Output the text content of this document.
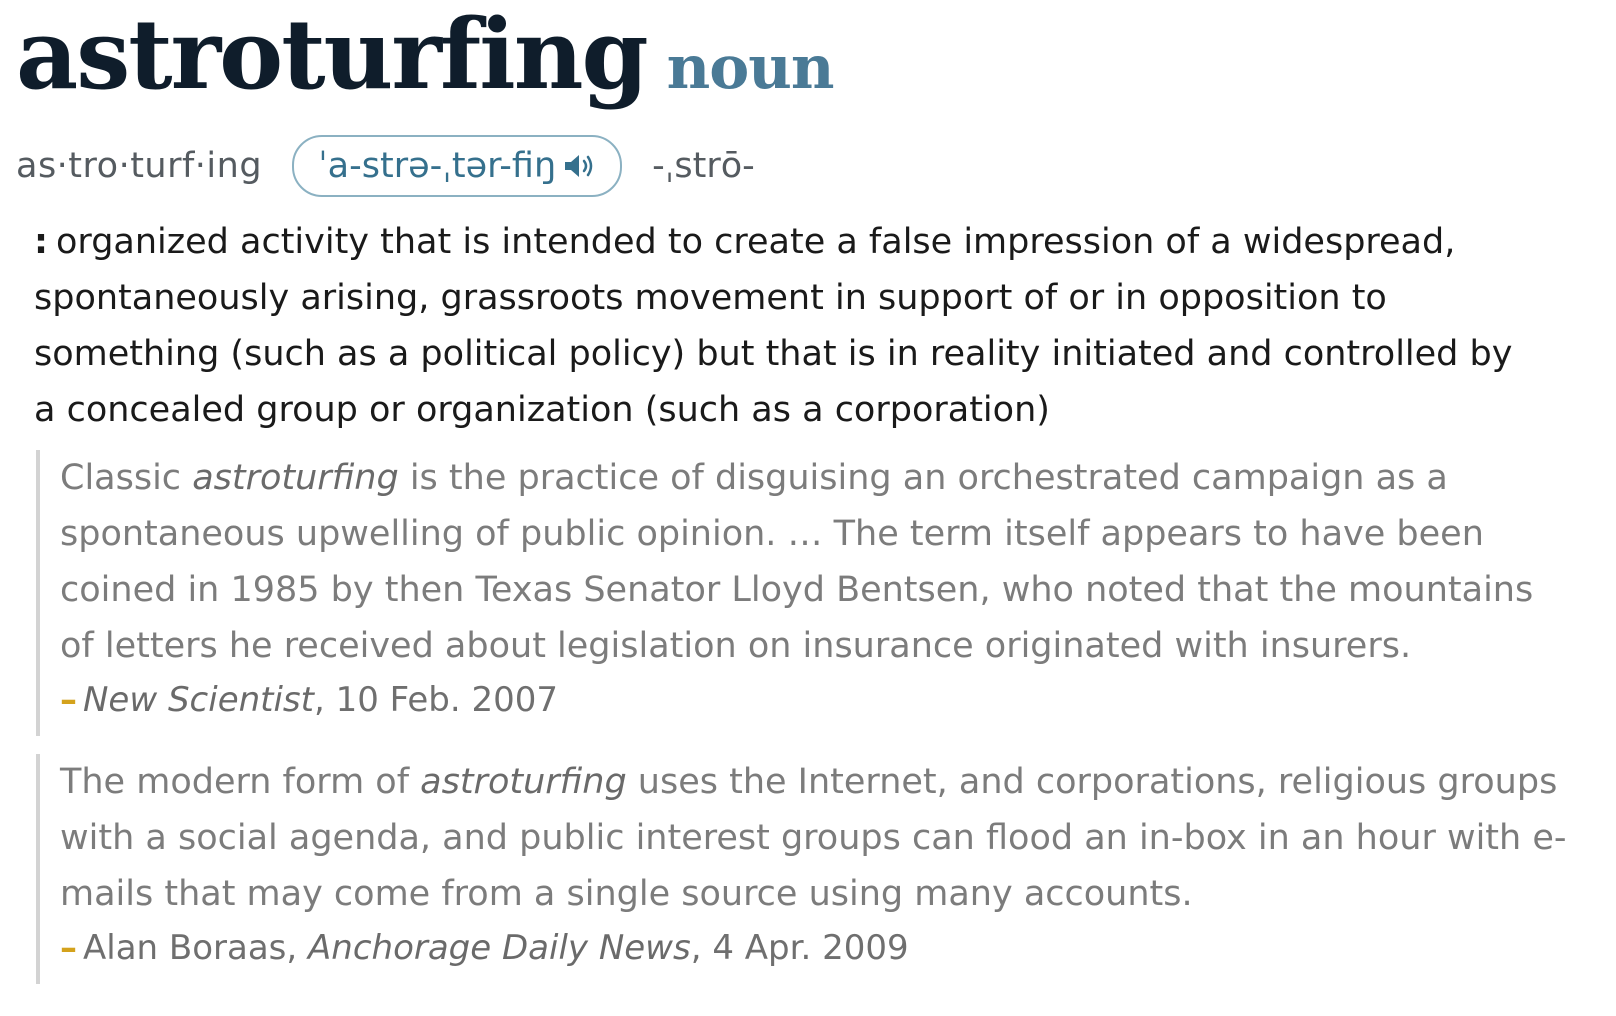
astroturfing noun
as·tro·turf·ing ˈa-strə-ˌtər-fiŋ	-ˌstrō-
: organized activity that is intended to create a false impression of a widespread, spontaneously arising, grassroots movement in support of or in opposition to something (such as a political policy) but that is in reality initiated and controlled by a concealed group or organization (such as a corporation)
Classic astroturfing is the practice of disguising an orchestrated campaign as a spontaneous upwelling of public opinion. … The term itself appears to have been coined in 1985 by then Texas Senator Lloyd Bentsen, who noted that the mountains of letters he received about legislation on insurance originated with insurers.
– New Scientist, 10 Feb. 2007
The modern form of astroturfing uses the Internet, and corporations, religious groups with a social agenda, and public interest groups can flood an in-box in an hour with e-mails that may come from a single source using many accounts.
– Alan Boraas, Anchorage Daily News, 4 Apr. 2009
